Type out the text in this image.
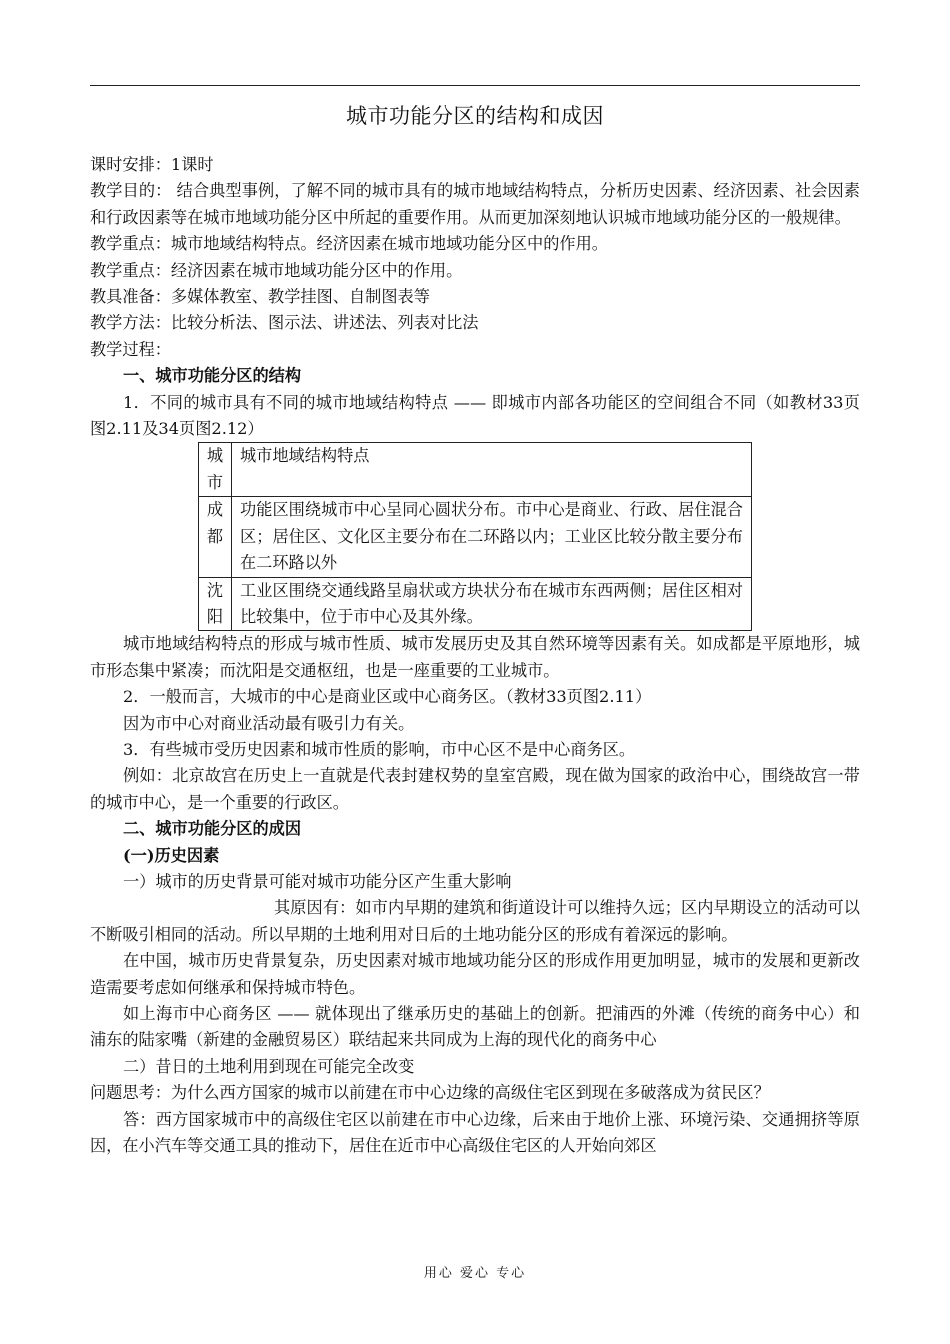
城市功能分区的结构和成因

课时安排：1课时

教学目的： 结合典型事例，了解不同的城市具有的城市地域结构特点，分析历史因素、经济因素、社会因素和行政因素等在城市地域功能分区中所起的重要作用。从而更加深刻地认识城市地域功能分区的一般规律。

教学重点：城市地域结构特点。经济因素在城市地域功能分区中的作用。

教学重点：经济因素在城市地域功能分区中的作用。

教具准备：多媒体教室、教学挂图、自制图表等

教学方法：比较分析法、图示法、讲述法、列表对比法

教学过程：

一、城市功能分区的结构

1．不同的城市具有不同的城市地域结构特点 —— 即城市内部各功能区的空间组合不同（如教材33页图2.11及34页图2.12）

城市	城市地域结构特点
成都	功能区围绕城市中心呈同心圆状分布。市中心是商业、行政、居住混合区；居住区、文化区主要分布在二环路以内；工业区比较分散主要分布在二环路以外
沈阳	工业区围绕交通线路呈扇状或方块状分布在城市东西两侧；居住区相对比较集中，位于市中心及其外缘。

城市地域结构特点的形成与城市性质、城市发展历史及其自然环境等因素有关。如成都是平原地形，城市形态集中紧凑；而沈阳是交通枢纽，也是一座重要的工业城市。

2．一般而言，大城市的中心是商业区或中心商务区。（教材33页图2.11）

因为市中心对商业活动最有吸引力有关。

3．有些城市受历史因素和城市性质的影响，市中心区不是中心商务区。

例如：北京故宫在历史上一直就是代表封建权势的皇室宫殿，现在做为国家的政治中心，围绕故宫一带的城市中心，是一个重要的行政区。

二、城市功能分区的成因

(一)历史因素

一）城市的历史背景可能对城市功能分区产生重大影响

其原因有：如市内早期的建筑和街道设计可以维持久远；区内早期设立的活动可以不断吸引相同的活动。所以早期的土地利用对日后的土地功能分区的形成有着深远的影响。

在中国，城市历史背景复杂，历史因素对城市地域功能分区的形成作用更加明显，城市的发展和更新改造需要考虑如何继承和保持城市特色。

如上海市中心商务区 —— 就体现出了继承历史的基础上的创新。把浦西的外滩（传统的商务中心）和浦东的陆家嘴（新建的金融贸易区）联结起来共同成为上海的现代化的商务中心

二）昔日的土地利用到现在可能完全改变

问题思考：为什么西方国家的城市以前建在市中心边缘的高级住宅区到现在多破落成为贫民区？

答：西方国家城市中的高级住宅区以前建在市中心边缘，后来由于地价上涨、环境污染、交通拥挤等原因，在小汽车等交通工具的推动下，居住在近市中心高级住宅区的人开始向郊区

用心 爱心 专心
